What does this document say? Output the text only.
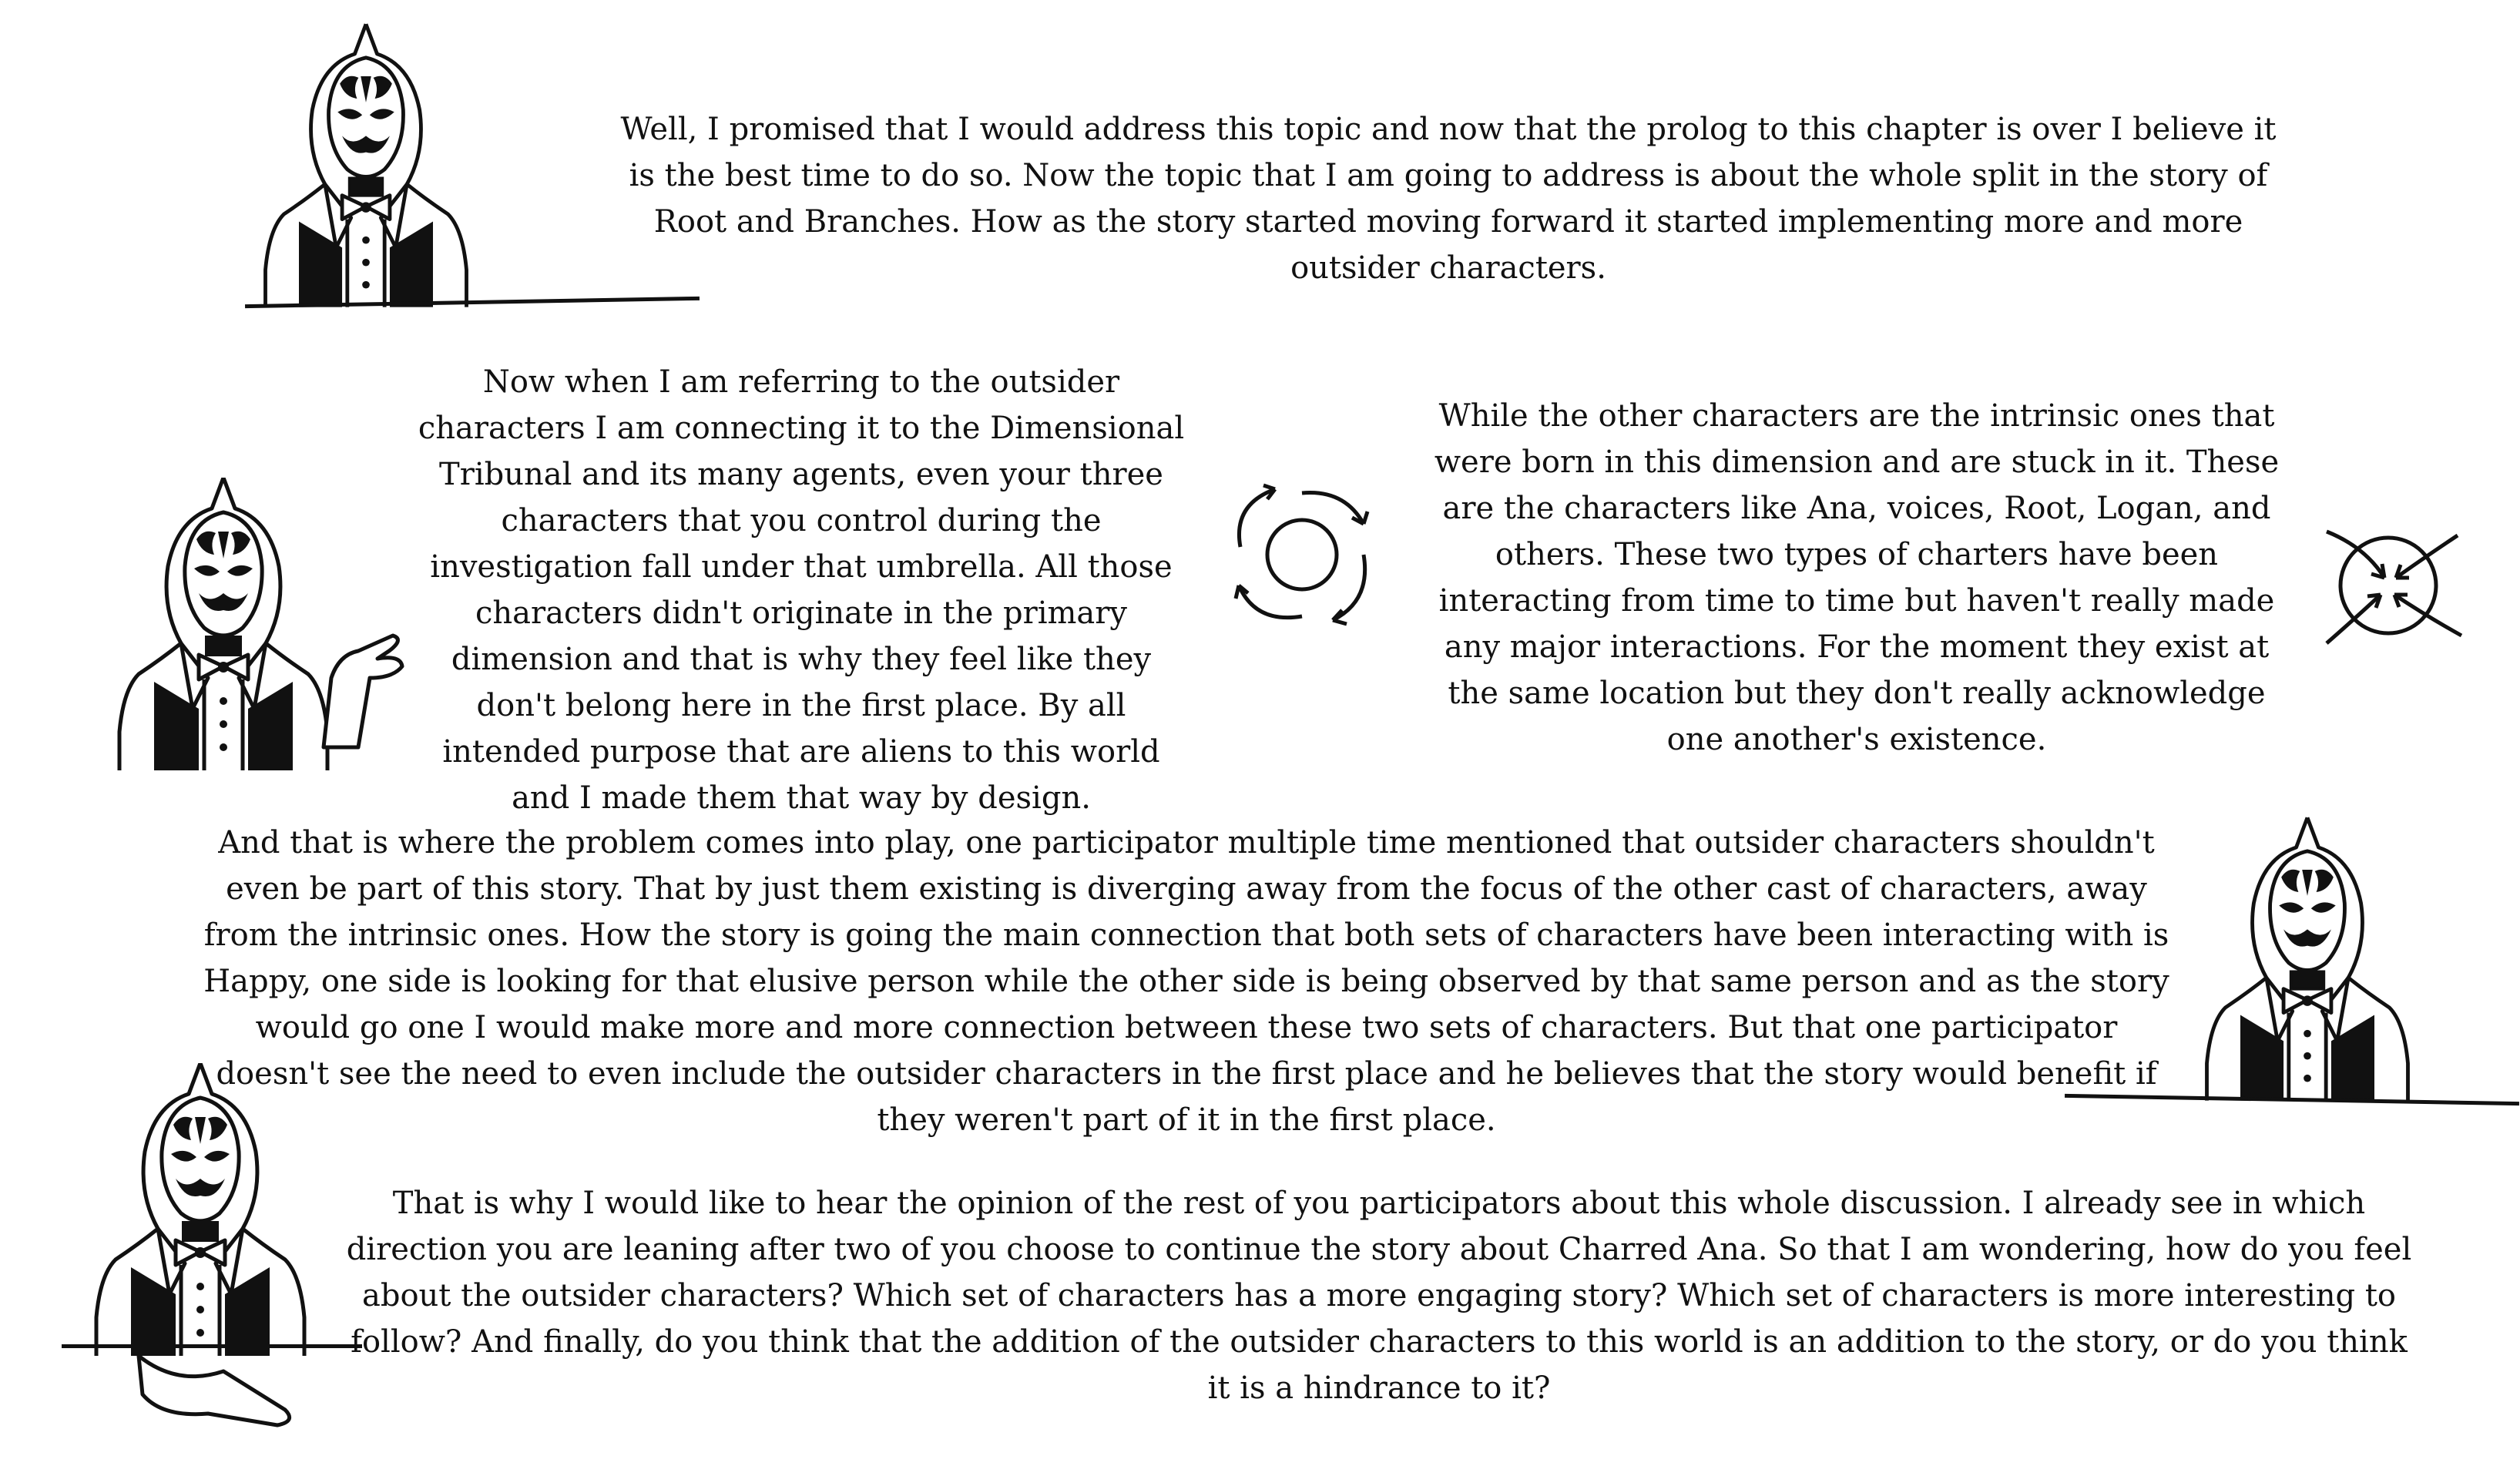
Well, I promised that I would address this topic and now that the prolog to this chapter is over I believe it is the best time to do so. Now the topic that I am going to address is about the whole split in the story of Root and Branches. How as the story started moving forward it started implementing more and more outsider characters.

Now when I am referring to the outsider characters I am connecting it to the Dimensional Tribunal and its many agents, even your three characters that you control during the investigation fall under that umbrella. All those characters didn't originate in the primary dimension and that is why they feel like they don't belong here in the first place. By all intended purpose that are aliens to this world and I made them that way by design.

While the other characters are the intrinsic ones that were born in this dimension and are stuck in it. These are the characters like Ana, voices, Root, Logan, and others. These two types of charters have been interacting from time to time but haven't really made any major interactions. For the moment they exist at the same location but they don't really acknowledge one another's existence.

And that is where the problem comes into play, one participator multiple time mentioned that outsider characters shouldn't even be part of this story. That by just them existing is diverging away from the focus of the other cast of characters, away from the intrinsic ones. How the story is going the main connection that both sets of characters have been interacting with is Happy, one side is looking for that elusive person while the other side is being observed by that same person and as the story would go one I would make more and more connection between these two sets of characters. But that one participator doesn't see the need to even include the outsider characters in the first place and he believes that the story would benefit if they weren't part of it in the first place.

That is why I would like to hear the opinion of the rest of you participators about this whole discussion. I already see in which direction you are leaning after two of you choose to continue the story about Charred Ana. So that I am wondering, how do you feel about the outsider characters? Which set of characters has a more engaging story? Which set of characters is more interesting to follow? And finally, do you think that the addition of the outsider characters to this world is an addition to the story, or do you think it is a hindrance to it?
